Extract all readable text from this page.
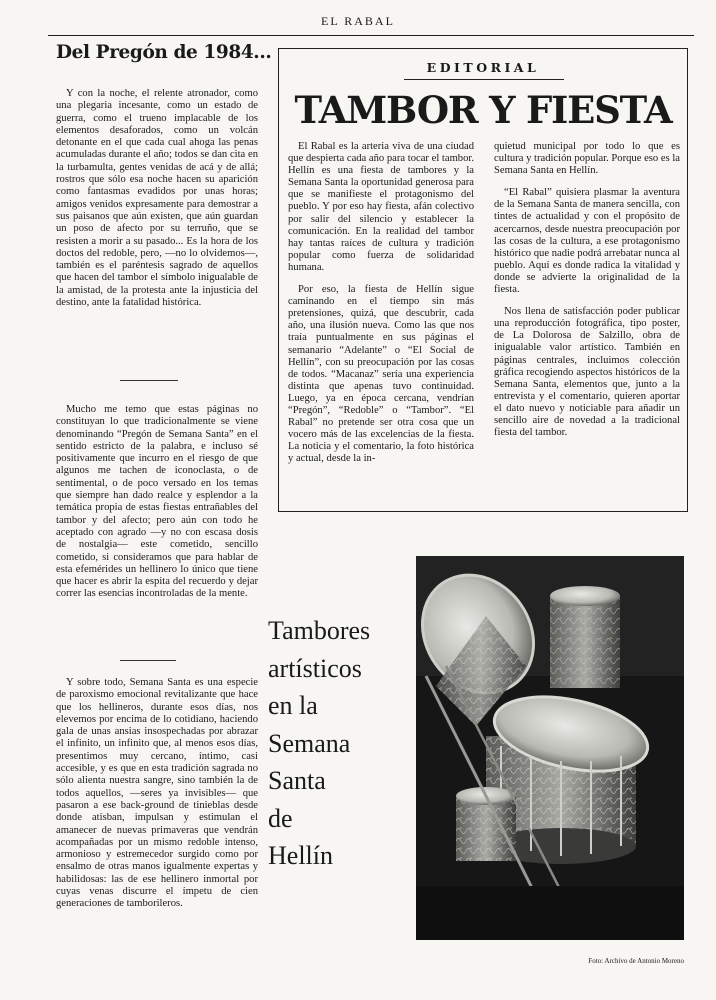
EL RABAL
Del Pregón de 1984...

Y con la noche, el relente atronador, como una plegaria incesante, como un estado de guerra, como el trueno implacable de los elementos desaforados, como un volcán detonante en el que cada cual ahoga las penas acumuladas durante el año; todos se dan cita en la turbamulta, gentes venidas de acá y de allá; rostros que sólo esa noche hacen su aparición como fantasmas evadidos por unas horas; amigos venidos expresamente para demostrar a sus paisanos que aún existen, que aún guardan un poso de afecto por su terruño, que se resisten a morir a su pasado... Es la hora de los doctos del redoble, pero, —no lo olvidemos—, también es el paréntesis sagrado de aquellos que hacen del tambor el símbolo inigualable de la amistad, de la protesta ante la injusticia del destino, ante la fatalidad histórica.

Mucho me temo que estas páginas no constituyan lo que tradicionalmente se viene denominando “Pregón de Semana Santa” en el sentido estricto de la palabra, e incluso sé positivamente que incurro en el riesgo de que algunos me tachen de iconoclasta, o de sentimental, o de poco versado en los temas que siempre han dado realce y esplendor a la temática propia de estas fiestas entrañables del tambor y del afecto; pero aún con todo he aceptado con agrado —y no con escasa dosis de nostalgia— este cometido, sencillo cometido, si consideramos que para hablar de esta efemérides un hellinero lo único que tiene que hacer es abrir la espita del recuerdo y dejar correr las esencias incontroladas de la mente.

Y sobre todo, Semana Santa es una especie de paroxismo emocional revitalizante que hace que los hellineros, durante esos días, nos elevemos por encima de lo cotidiano, haciendo gala de unas ansias insospechadas por abrazar el infinito, un infinito que, al menos esos días, presentimos muy cercano, íntimo, casi accesible, y es que en esta tradición sagrada no sólo alienta nuestra sangre, sino también la de todos aquellos, —seres ya invisibles— que pasaron a ese back-ground de tinieblas desde donde atisban, impulsan y estimulan el amanecer de nuevas primaveras que vendrán acompañadas por un mismo redoble intenso, armonioso y estremecedor surgido como por ensalmo de otras manos igualmente expertas y habilidosas: las de ese hellinero inmortal por cuyas venas discurre el ímpetu de cien generaciones de tamborileros.

EDITORIAL
TAMBOR Y FIESTA

El Rabal es la arteria viva de una ciudad que despierta cada año para tocar el tambor. Hellín es una fiesta de tambores y la Semana Santa la oportunidad generosa para que se manifieste el protagonismo del pueblo. Y por eso hay fiesta, afán colectivo por salir del silencio y establecer la comunicación. En la realidad del tambor hay tantas raíces de cultura y tradición popular como fuerza de solidaridad humana.

Por eso, la fiesta de Hellín sigue caminando en el tiempo sin más pretensiones, quizá, que descubrir, cada año, una ilusión nueva. Como las que nos traía puntualmente en sus páginas el semanario “Adelante” o “El Social de Hellín”, con su preocupación por las cosas de todos. “Macanaz” sería una experiencia distinta que apenas tuvo continuidad. Luego, ya en época cercana, vendrían “Pregón”, “Redoble” o “Tambor”. “El Rabal” no pretende ser otra cosa que un vocero más de las excelencias de la fiesta. La noticia y el comentario, la foto histórica y actual, desde la in-

quietud municipal por todo lo que es cultura y tradición popular. Porque eso es la Semana Santa en Hellín.

“El Rabal” quisiera plasmar la aventura de la Semana Santa de manera sencilla, con tintes de actualidad y con el propósito de acercarnos, desde nuestra preocupación por las cosas de la cultura, a ese protagonismo histórico que nadie podrá arrebatar nunca al pueblo. Aquí es donde radica la vitalidad y donde se advierte la originalidad de la fiesta.

Nos llena de satisfacción poder publicar una reproducción fotográfica, tipo poster, de La Dolorosa de Salzillo, obra de inigualable valor artístico. También en páginas centrales, incluimos colección gráfica recogiendo aspectos históricos de la Semana Santa, elementos que, junto a la entrevista y el comentario, quieren aportar el dato nuevo y noticiable para añadir un sencillo aire de novedad a la tradicional fiesta del tambor.

Tambores
artísticos
en la
Semana
Santa
de
Hellín
Foto: Archivo de Antonio Moreno
